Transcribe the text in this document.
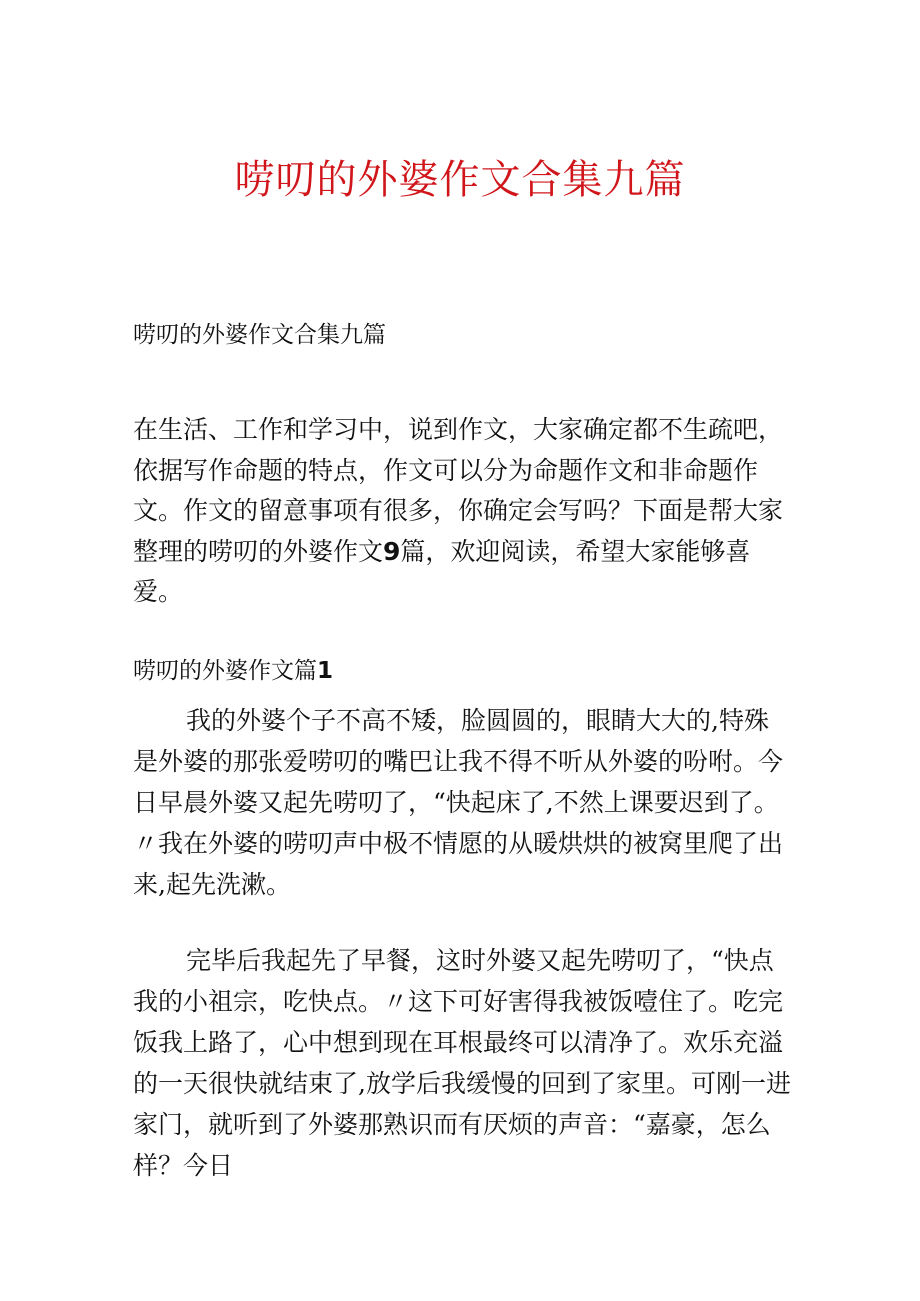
唠叨的外婆作文合集九篇

唠叨的外婆作文合集九篇

在生活、工作和学习中，说到作文，大家确定都不生疏吧，依据写作命题的特点，作文可以分为命题作文和非命题作文。作文的留意事项有很多，你确定会写吗？下面是帮大家整理的唠叨的外婆作文9篇，欢迎阅读，希望大家能够喜爱。

唠叨的外婆作文篇1

我的外婆个子不高不矮，脸圆圆的，眼睛大大的,特殊是外婆的那张爱唠叨的嘴巴让我不得不听从外婆的吩咐。今日早晨外婆又起先唠叨了，“快起床了,不然上课要迟到了。〃我在外婆的唠叨声中极不情愿的从暖烘烘的被窝里爬了出来,起先洗漱。

完毕后我起先了早餐，这时外婆又起先唠叨了，“快点我的小祖宗，吃快点。〃这下可好害得我被饭噎住了。吃完饭我上路了，心中想到现在耳根最终可以清净了。欢乐充溢的一天很快就结束了,放学后我缓慢的回到了家里。可刚一进家门，就听到了外婆那熟识而有厌烦的声音：“嘉豪，怎么样？今日
